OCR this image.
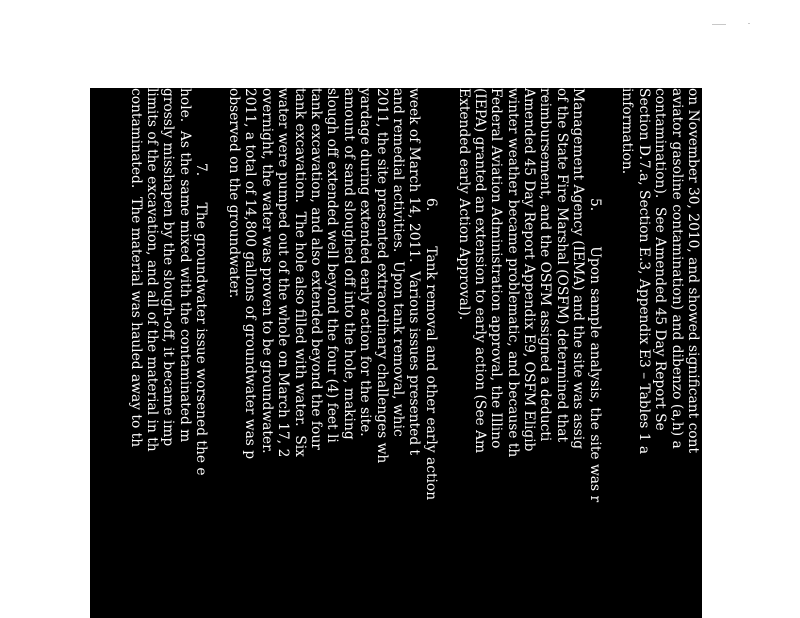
on November 30, 2010, and showed significant cont
aviator gasoline contamination) and dibenzo (a,h) a
contamination).  See Amended 45 Day Report Se
Section D.7.a, Section E.3, Appendix E3 – Tables 1 a
information.
5.        Upon sample analysis, the site was r
Management Agency (IEMA) and the site was assig
of the State Fire Marshal (OSFM) determined that
reimbursement, and the OSFM assigned a deducti
Amended 45 Day Report Appendix E9, OSFM Eligib
winter weather became problematic, and because th
Federal Aviation Administration approval, the Illino
(IEPA) granted an extension to early action (See Am
Extended early Action Approval).
6.        Tank removal and other early action
week of March 14, 2011.  Various issues presented t
and remedial activities.  Upon tank removal, whic
2011, the site presented extraordinary challenges wh
yardage during extended early action for the site.
amount of sand sloughed off into the hole, making
slough off extended well beyond the four (4) feet li
tank excavation, and also extended beyond the four
tank excavation.  The hole also filled with water.  Six
water were pumped out of the whole on March 17, 2
overnight, the water was proven to be groundwater.
2011, a total of 14,800 gallons of groundwater was p
observed on the groundwater.
7.      The groundwater issue worsened the e
hole.  As the same mixed with the contaminated m
grossly misshapen by the slough-off, it became imp
limits of the excavation, and all of the material in th
contaminated.  The material was hauled away to th
